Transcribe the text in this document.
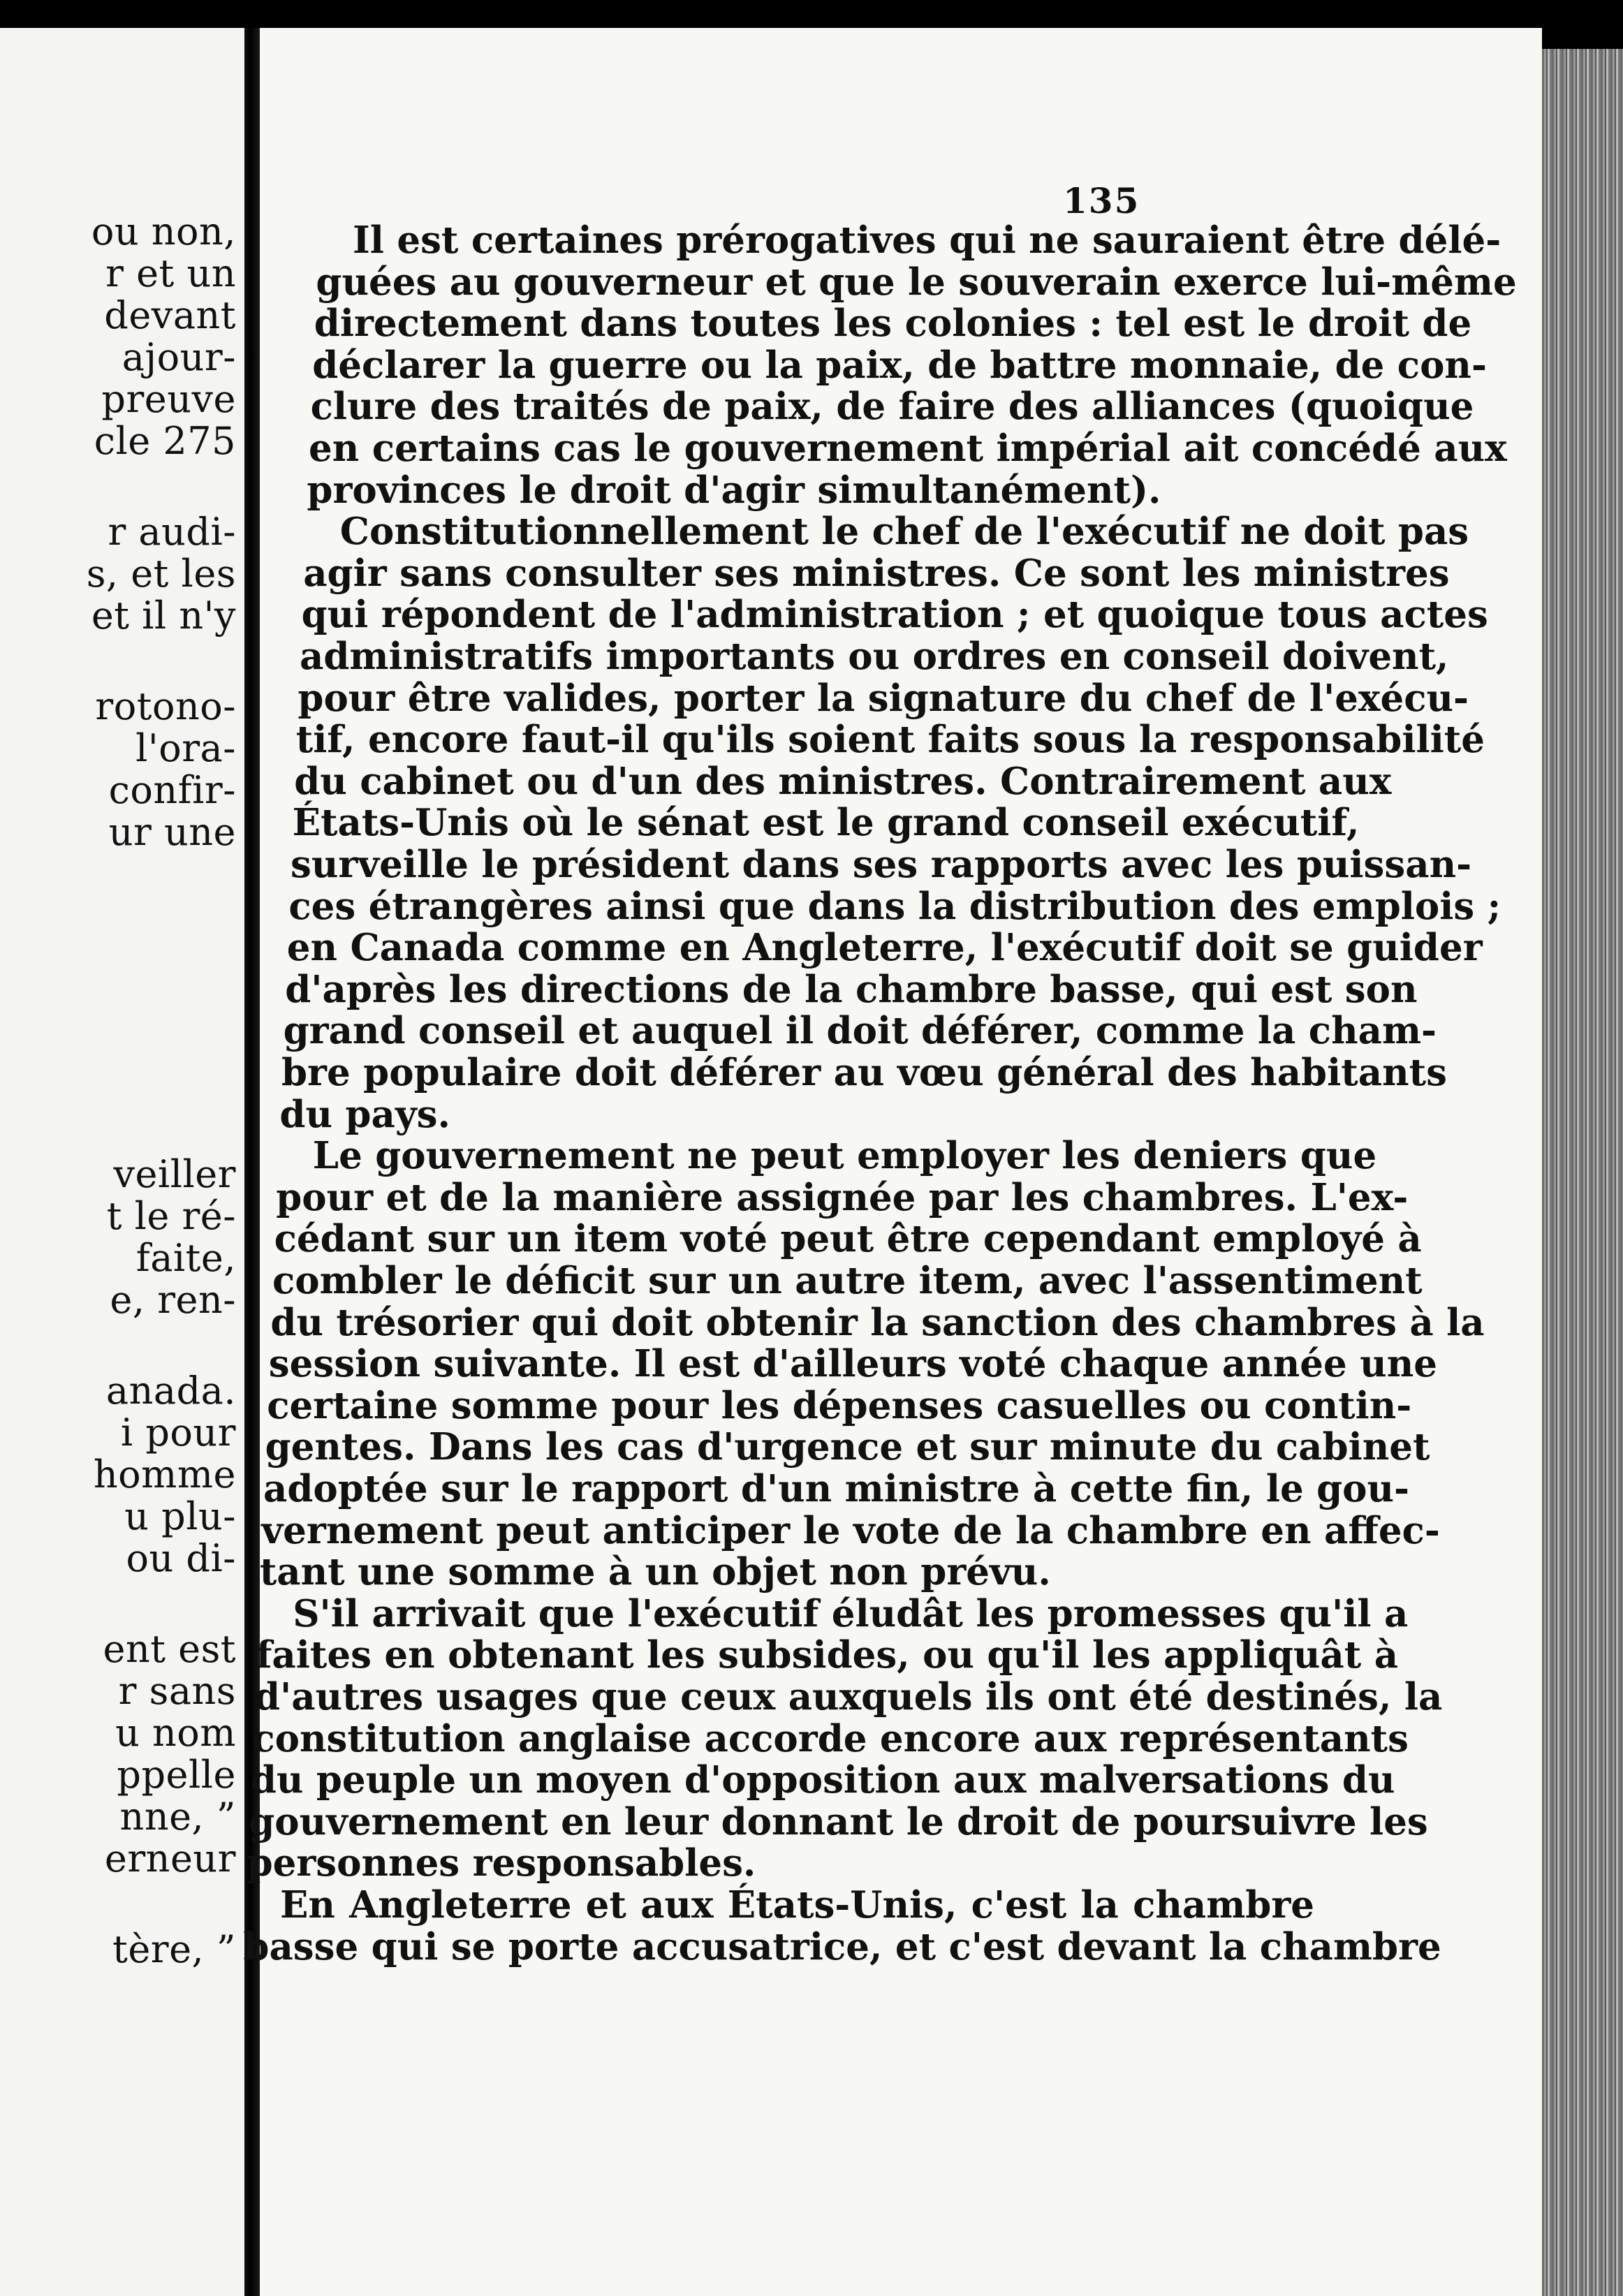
ou non,
r et un
devant
ajour-
preuve
cle 275
r audi-
s, et les
et il n'y
rotono-
l'ora-
confir-
ur une
veiller
t le ré-
faite,
e, ren-
anada.
i pour
homme
u plu-
ou di-
ent est
r sans
u nom
ppelle
nne, ”
erneur
tère, ”
135
Il est certaines prérogatives qui ne sauraient être délé-
guées au gouverneur et que le souverain exerce lui-même
directement dans toutes les colonies : tel est le droit de
déclarer la guerre ou la paix, de battre monnaie, de con-
clure des traités de paix, de faire des alliances (quoique
en certains cas le gouvernement impérial ait concédé aux
provinces le droit d'agir simultanément).
Constitutionnellement le chef de l'exécutif ne doit pas
agir sans consulter ses ministres. Ce sont les ministres
qui répondent de l'administration ; et quoique tous actes
administratifs importants ou ordres en conseil doivent,
pour être valides, porter la signature du chef de l'exécu-
tif, encore faut-il qu'ils soient faits sous la responsabilité
du cabinet ou d'un des ministres. Contrairement aux
États-Unis où le sénat est le grand conseil exécutif,
surveille le président dans ses rapports avec les puissan-
ces étrangères ainsi que dans la distribution des emplois ;
en Canada comme en Angleterre, l'exécutif doit se guider
d'après les directions de la chambre basse, qui est son
grand conseil et auquel il doit déférer, comme la cham-
bre populaire doit déférer au vœu général des habitants
du pays.
Le gouvernement ne peut employer les deniers que
pour et de la manière assignée par les chambres. L'ex-
cédant sur un item voté peut être cependant employé à
combler le déficit sur un autre item, avec l'assentiment
du trésorier qui doit obtenir la sanction des chambres à la
session suivante. Il est d'ailleurs voté chaque année une
certaine somme pour les dépenses casuelles ou contin-
gentes. Dans les cas d'urgence et sur minute du cabinet
adoptée sur le rapport d'un ministre à cette fin, le gou-
vernement peut anticiper le vote de la chambre en affec-
tant une somme à un objet non prévu.
S'il arrivait que l'exécutif éludât les promesses qu'il a
faites en obtenant les subsides, ou qu'il les appliquât à
d'autres usages que ceux auxquels ils ont été destinés, la
constitution anglaise accorde encore aux représentants
du peuple un moyen d'opposition aux malversations du
gouvernement en leur donnant le droit de poursuivre les
personnes responsables.
En Angleterre et aux États-Unis, c'est la chambre
basse qui se porte accusatrice, et c'est devant la chambre
